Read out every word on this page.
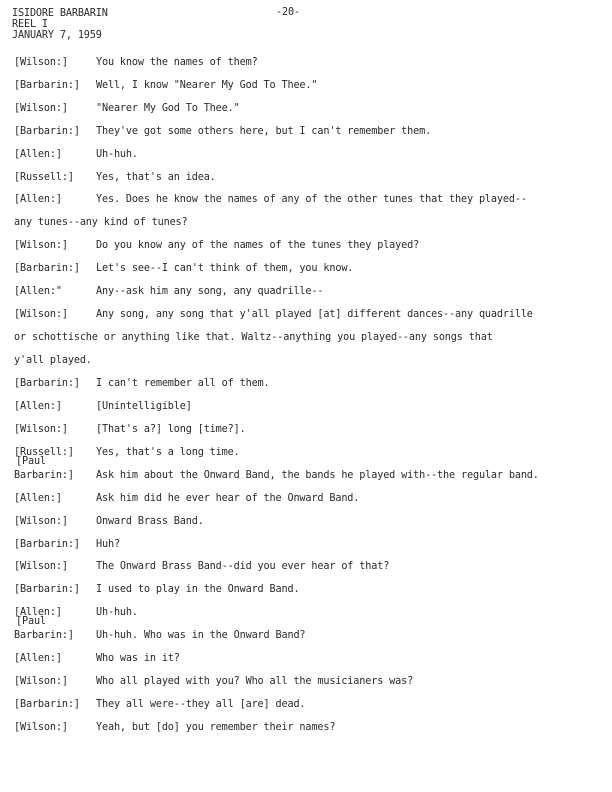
ISIDORE BARBARIN
REEL I
JANUARY 7, 1959
-20-
[Wilson:]	You know the names of them?
[Barbarin:] Well, I know "Nearer My God To Thee."
[Wilson:]	"Nearer My God To Thee."
[Barbarin:] They've got some others here, but I can't remember them.
[Allen:]	Uh-huh.
[Russell:] Yes, that's an idea.
[Allen:]	Yes. Does he know the names of any of the other tunes that they played--
any tunes--any kind of tunes?
[Wilson:]	Do you know any of the names of the tunes they played?
[Barbarin:] Let's see--I can't think of them, you know.
[Allen:"	Any--ask him any song, any quadrille--
[Wilson:]	Any song, any song that y'all played [at] different dances--any quadrille
or schottische or anything like that. Waltz--anything you played--any songs that
y'all played.
[Barbarin:] I can't remember all of them.
[Allen:]	[Unintelligible]
[Wilson:]	[That's a?] long [time?].
[Russell:] Yes, that's a long time.
[Paul
Barbarin:] Ask him about the Onward Band, the bands he played with--the regular band.
[Allen:]	Ask him did he ever hear of the Onward Band.
[Wilson:]	Onward Brass Band.
[Barbarin:] Huh?
[Wilson:]	The Onward Brass Band--did you ever hear of that?
[Barbarin:] I used to play in the Onward Band.
[Allen:]	Uh-huh.
[Paul
Barbarin:] Uh-huh. Who was in the Onward Band?
[Allen:]	Who was in it?
[Wilson:]	Who all played with you? Who all the musicianers was?
[Barbarin:] They all were--they all [are] dead.
[Wilson:]	Yeah, but [do] you remember their names?
